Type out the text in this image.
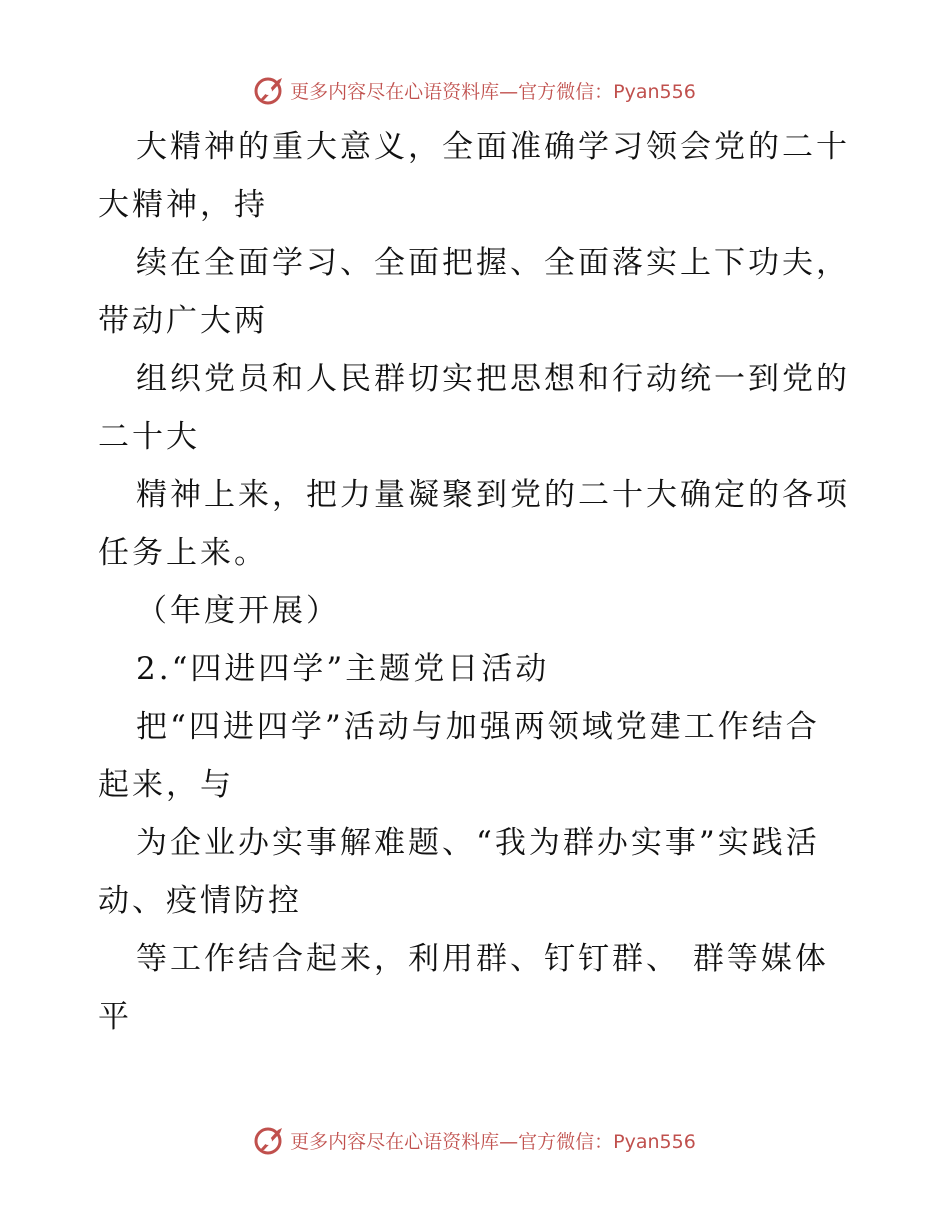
更多内容尽在心语资料库—官方微信：Pyan556
大精神的重大意义，全面准确学习领会党的二十
大精神，持
续在全面学习、全面把握、全面落实上下功夫，
带动广大两
组织党员和人民群切实把思想和行动统一到党的
二十大
精神上来，把力量凝聚到党的二十大确定的各项
任务上来。
（年度开展）
2.“四进四学”主题党日活动
把“四进四学”活动与加强两领域党建工作结合
起来，与
为企业办实事解难题、“我为群办实事”实践活
动、疫情防控
等工作结合起来，利用群、钉钉群、 群等媒体
平
更多内容尽在心语资料库—官方微信：Pyan556
